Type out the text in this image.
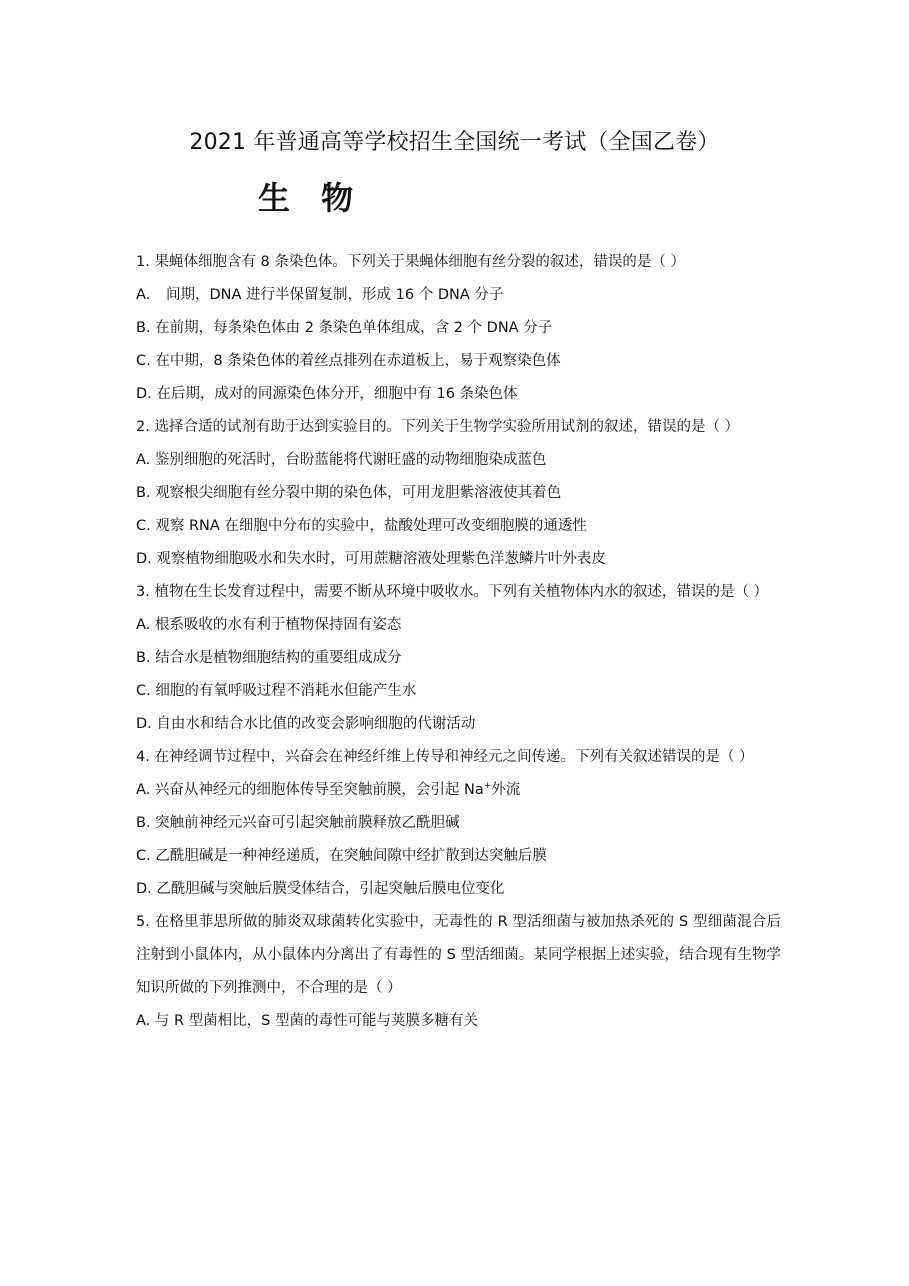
2021 年普通高等学校招生全国统一考试（全国乙卷）
生 物

1. 果蝇体细胞含有 8 条染色体。下列关于果蝇体细胞有丝分裂的叙述，错误的是（ ）

A. 间期，DNA 进行半保留复制，形成 16 个 DNA 分子

B. 在前期，每条染色体由 2 条染色单体组成，含 2 个 DNA 分子

C. 在中期，8 条染色体的着丝点排列在赤道板上，易于观察染色体

D. 在后期，成对的同源染色体分开，细胞中有 16 条染色体

2. 选择合适的试剂有助于达到实验目的。下列关于生物学实验所用试剂的叙述，错误的是（ ）

A. 鉴别细胞的死活时，台盼蓝能将代谢旺盛的动物细胞染成蓝色

B. 观察根尖细胞有丝分裂中期的染色体，可用龙胆紫溶液使其着色

C. 观察 RNA 在细胞中分布的实验中，盐酸处理可改变细胞膜的通透性

D. 观察植物细胞吸水和失水时，可用蔗糖溶液处理紫色洋葱鳞片叶外表皮

3. 植物在生长发育过程中，需要不断从环境中吸收水。下列有关植物体内水的叙述，错误的是（ ）

A. 根系吸收的水有利于植物保持固有姿态

B. 结合水是植物细胞结构的重要组成成分

C. 细胞的有氧呼吸过程不消耗水但能产生水

D. 自由水和结合水比值的改变会影响细胞的代谢活动

4. 在神经调节过程中，兴奋会在神经纤维上传导和神经元之间传递。下列有关叙述错误的是（ ）

A. 兴奋从神经元的细胞体传导至突触前膜，会引起 Na+外流

B. 突触前神经元兴奋可引起突触前膜释放乙酰胆碱

C. 乙酰胆碱是一种神经递质，在突触间隙中经扩散到达突触后膜

D. 乙酰胆碱与突触后膜受体结合，引起突触后膜电位变化

5. 在格里菲思所做的肺炎双球菌转化实验中，无毒性的 R 型活细菌与被加热杀死的 S 型细菌混合后注射到小鼠体内，从小鼠体内分离出了有毒性的 S 型活细菌。某同学根据上述实验，结合现有生物学知识所做的下列推测中，不合理的是（ ）

A. 与 R 型菌相比，S 型菌的毒性可能与荚膜多糖有关
